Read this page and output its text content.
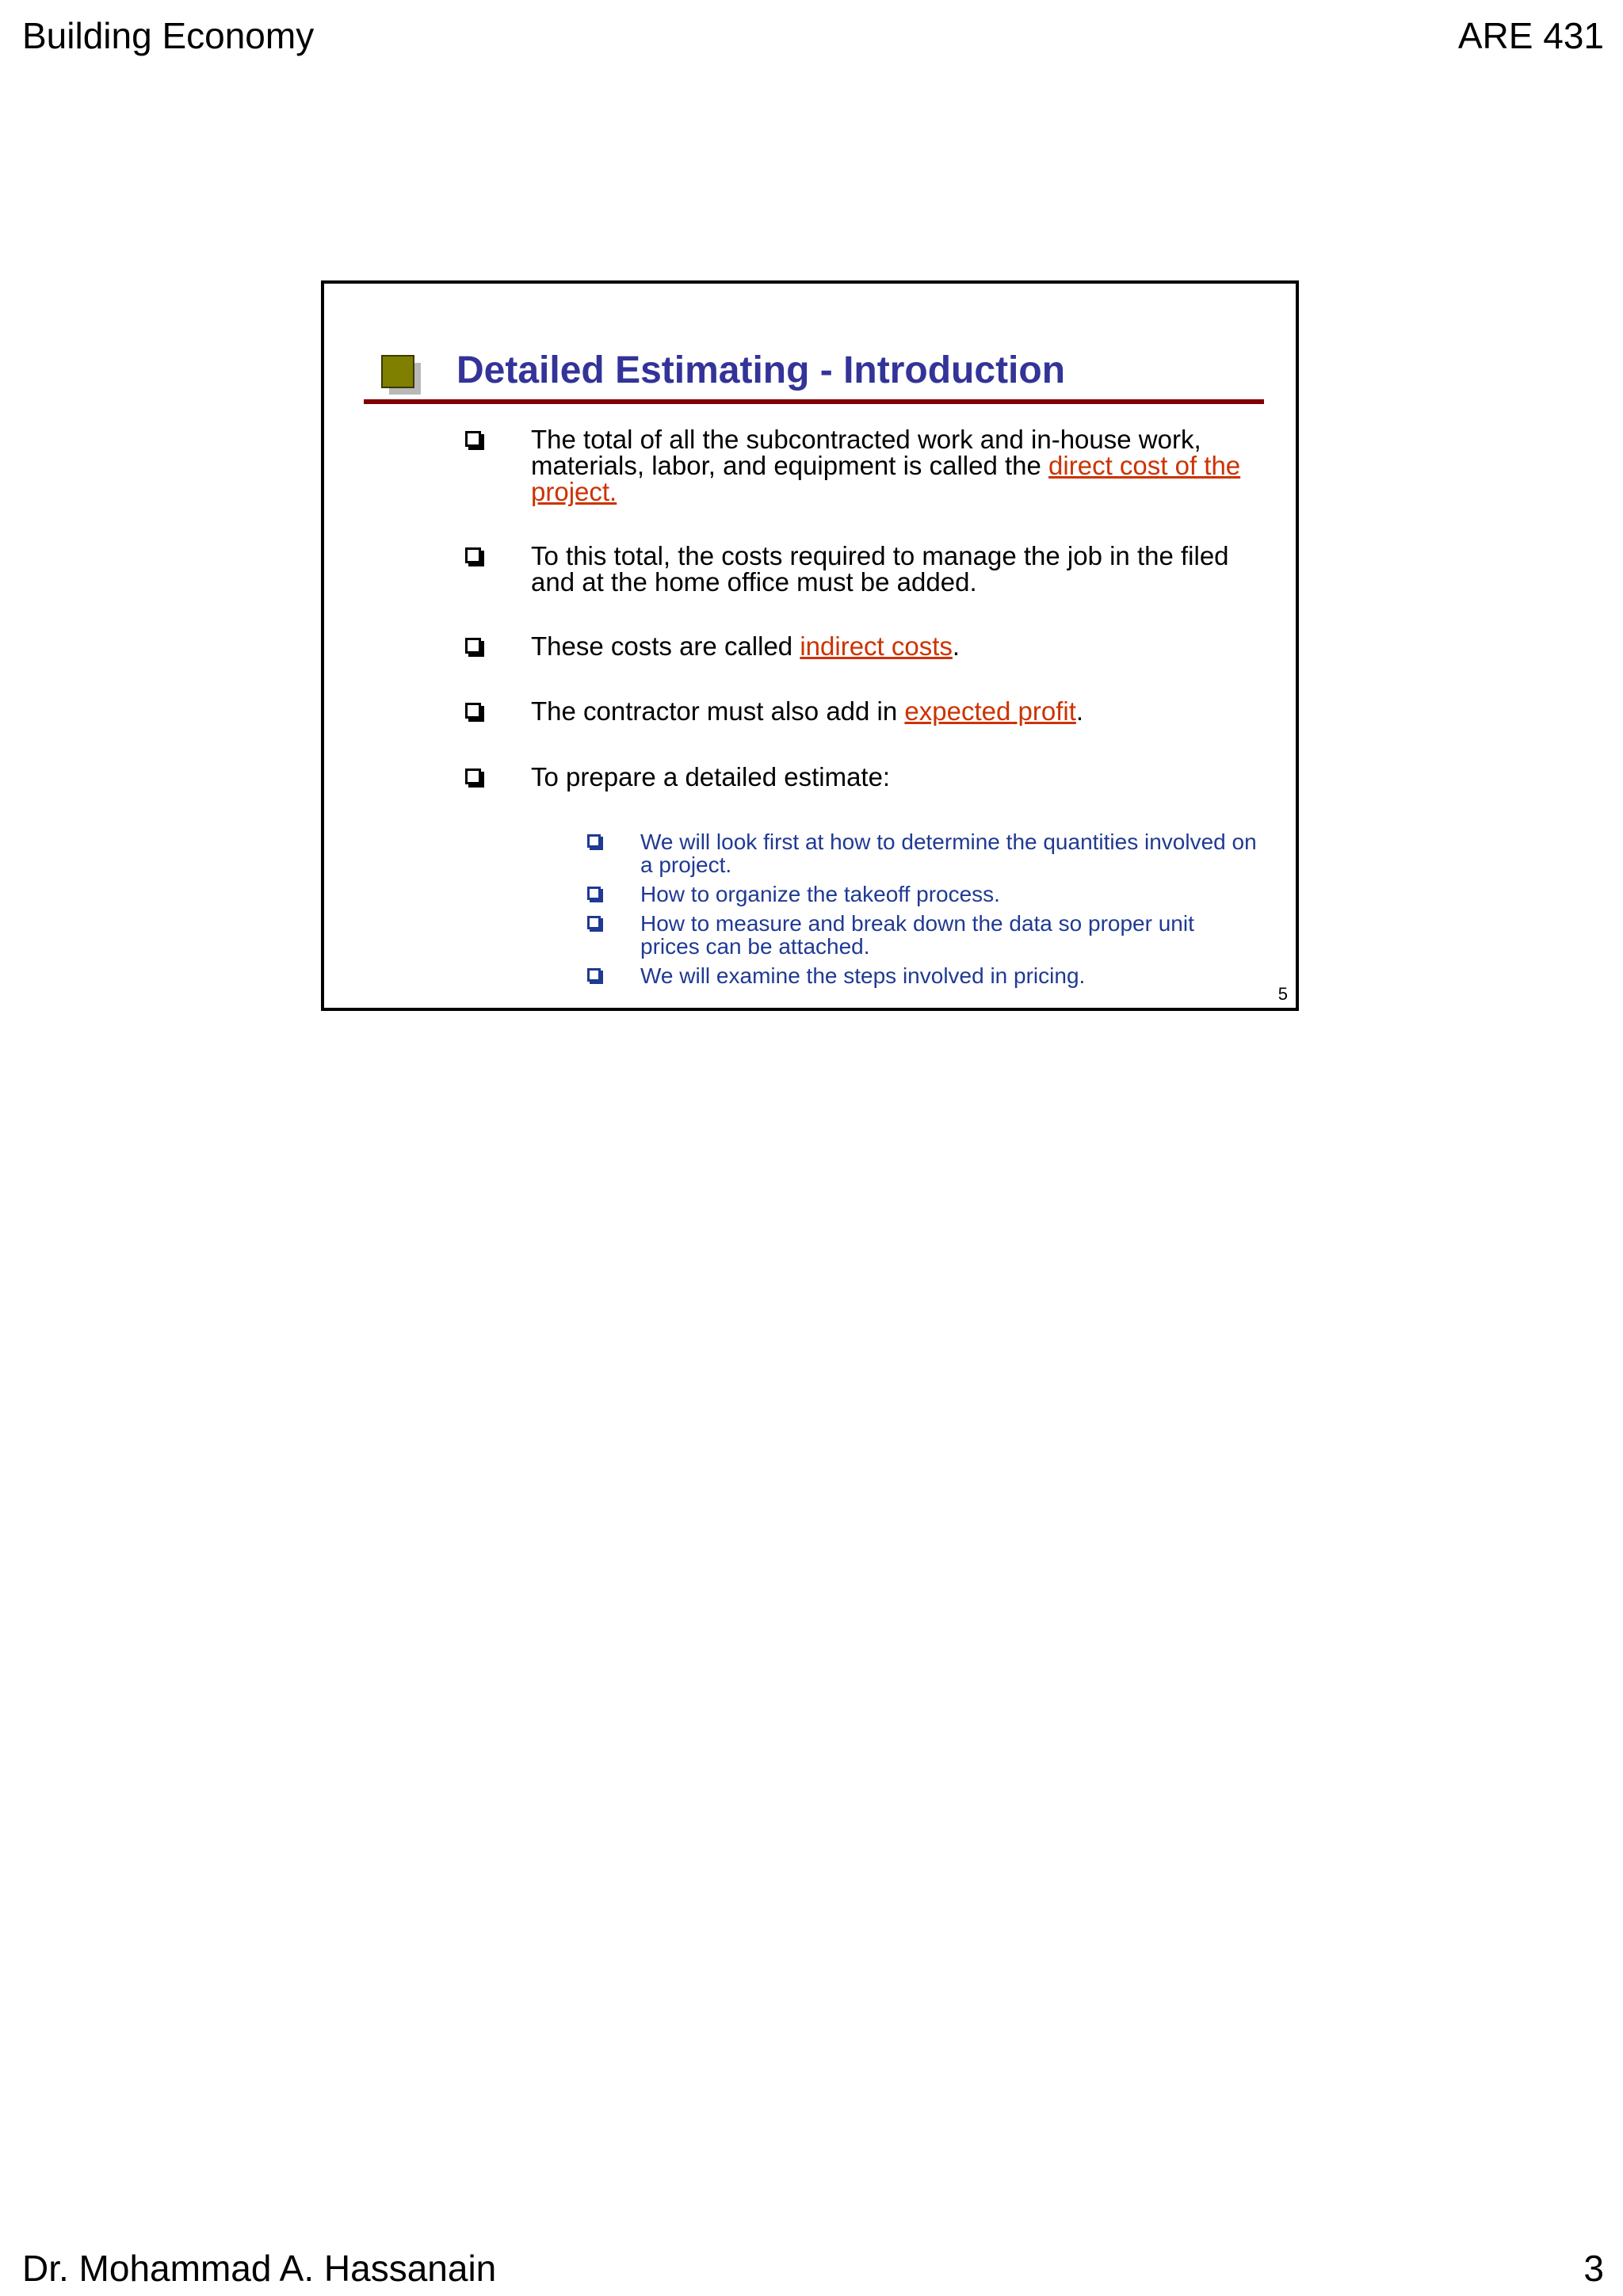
Building Economy	ARE 431
Detailed Estimating - Introduction
The total of all the subcontracted work and in-house work, materials, labor, and equipment is called the direct cost of the project.
To this total, the costs required to manage the job in the filed and at the home office must be added.
These costs are called indirect costs.
The contractor must also add in expected profit.
To prepare a detailed estimate:
We will look first at how to determine the quantities involved on a project.
How to organize the takeoff process.
How to measure and break down the data so proper unit prices can be attached.
We will examine the steps involved in pricing.
5
Dr. Mohammad A. Hassanain	3
